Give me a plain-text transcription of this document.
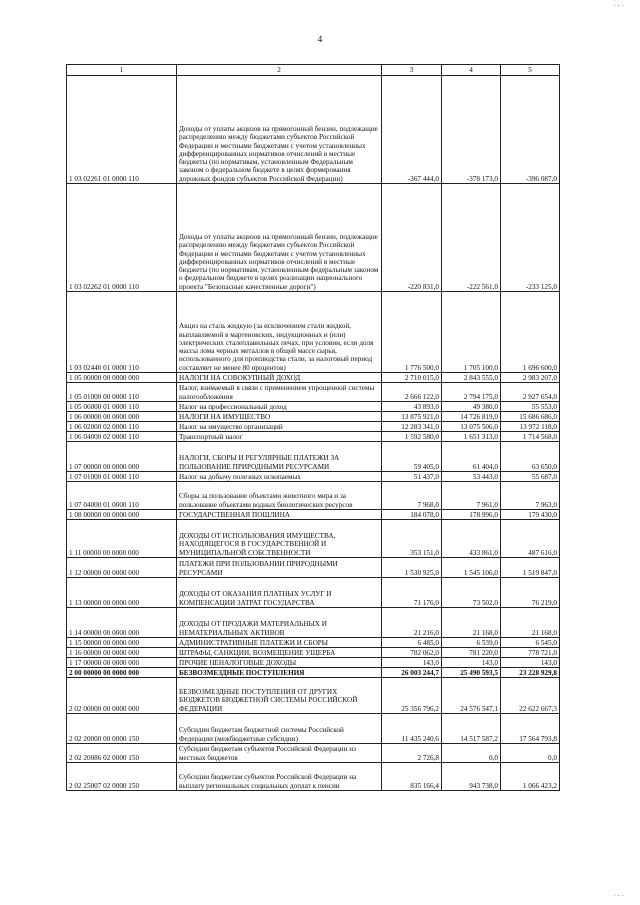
4
· · ·
1	2	3	4	5
1 03 02261 01 0000 110	Доходы от уплаты акцизов на прямогонный бензин, подлежащие распределению между бюджетами субъектов Российской Федерации и местными бюджетами с учетом установленных дифференцированных нормативов отчислений в местные бюджеты (по нормативам, установленным Федеральным законом о федеральном бюджете в целях формирования дорожных фондов субъектов Российской Федерации)	-367 444,0	-378 173,0	-396 087,0
1 03 02262 01 0000 110	Доходы от уплаты акцизов на прямогонный бензин, подлежащие распределению между бюджетами субъектов Российской Федерации и местными бюджетами с учетом установленных дифференцированных нормативов отчислений в местные бюджеты (по нормативам, установленным федеральным законом о федеральном бюджете в целях реализации национального проекта "Безопасные качественные дороги")	-220 831,0	-222 561,0	-233 125,0
1 03 02440 01 0000 110	Акциз на сталь жидкую (за исключением стали жидкой, выплавляемой в мартеновских, индукционных и (или) электрических сталеплавильных печах, при условии, если доля массы лома черных металлов в общей массе сырья, использованного для производства стали, за налоговый период составляет не менее 80 процентов)	1 776 500,0	1 705 100,0	1 696 600,0
1 05 00000 00 0000 000	НАЛОГИ НА СОВОКУПНЫЙ ДОХОД	2 710 015,0	2 843 555,0	2 983 207,0
1 05 01000 00 0000 110	Налог, взимаемый в связи с применением упрощенной системы налогообложения	2 666 122,0	2 794 175,0	2 927 654,0
1 05 06000 01 0000 110	Налог на профессиональный доход	43 893,0	49 380,0	55 553,0
1 06 00000 00 0000 000	НАЛОГИ НА ИМУЩЕСТВО	13 875 921,0	14 726 819,0	15 686 686,0
1 06 02000 02 0000 110	Налог на имущество организаций	12 283 341,0	13 075 506,0	13 972 118,0
1 06 04000 02 0000 110	Транспортный налог	1 592 580,0	1 651 313,0	1 714 568,0
1 07 00000 00 0000 000	НАЛОГИ, СБОРЫ И РЕГУЛЯРНЫЕ ПЛАТЕЖИ ЗА ПОЛЬЗОВАНИЕ ПРИРОДНЫМИ РЕСУРСАМИ	59 405,0	61 404,0	63 650,0
1 07 01000 01 0000 110	Налог на добычу полезных ископаемых	51 437,0	53 443,0	55 687,0
1 07 04000 01 0000 110	Сборы за пользование объектами животного мира и за пользование объектами водных биологических ресурсов	7 968,0	7 961,0	7 963,0
1 08 00000 00 0000 000	ГОСУДАРСТВЕННАЯ ПОШЛИНА	184 078,0	178 996,0	179 430,0
1 11 00000 00 0000 000	ДОХОДЫ ОТ ИСПОЛЬЗОВАНИЯ ИМУЩЕСТВА, НАХОДЯЩЕГОСЯ В ГОСУДАРСТВЕННОЙ И МУНИЦИПАЛЬНОЙ СОБСТВЕННОСТИ	353 151,0	433 861,0	487 616,0
1 12 00000 00 0000 000	ПЛАТЕЖИ ПРИ ПОЛЬЗОВАНИИ ПРИРОДНЫМИ РЕСУРСАМИ	1 530 925,0	1 545 106,0	1 519 847,0
1 13 00000 00 0000 000	ДОХОДЫ ОТ ОКАЗАНИЯ ПЛАТНЫХ УСЛУГ И КОМПЕНСАЦИИ ЗАТРАТ ГОСУДАРСТВА	71 176,0	73 502,0	76 219,0
1 14 00000 00 0000 000	ДОХОДЫ ОТ ПРОДАЖИ МАТЕРИАЛЬНЫХ И НЕМАТЕРИАЛЬНЫХ АКТИВОВ	21 216,0	21 168,0	21 168,0
1 15 00000 00 0000 000	АДМИНИСТРАТИВНЫЕ ПЛАТЕЖИ И СБОРЫ	6 485,0	6 539,0	6 545,0
1 16 00000 00 0000 000	ШТРАФЫ, САНКЦИИ, ВОЗМЕЩЕНИЕ УЩЕРБА	782 062,0	781 220,0	778 721,0
1 17 00000 00 0000 000	ПРОЧИЕ НЕНАЛОГОВЫЕ ДОХОДЫ	143,0	143,0	143,0
2 00 00000 00 0000 000	БЕЗВОЗМЕЗДНЫЕ ПОСТУПЛЕНИЯ	26 003 244,7	25 490 593,5	23 228 929,8
2 02 00000 00 0000 000	БЕЗВОЗМЕЗДНЫЕ ПОСТУПЛЕНИЯ ОТ ДРУГИХ БЮДЖЕТОВ БЮДЖЕТНОЙ СИСТЕМЫ РОССИЙСКОЙ ФЕДЕРАЦИИ	25 356 796,2	24 576 547,1	22 622 667,3
2 02 20000 00 0000 150	Субсидии бюджетам бюджетной системы Российской Федерации (межбюджетные субсидии)	11 435 240,6	14 517 587,2	17 564 793,8
2 02 20086 02 0000 150	Субсидии бюджетам субъектов Российской Федерации из местных бюджетов	2 726,8	0,0	0,0
2 02 25007 02 0000 150	Субсидии бюджетам субъектов Российской Федерации на выплату региональных социальных доплат к пенсии	835 166,4	943 738,0	1 066 423,2
· · ·
